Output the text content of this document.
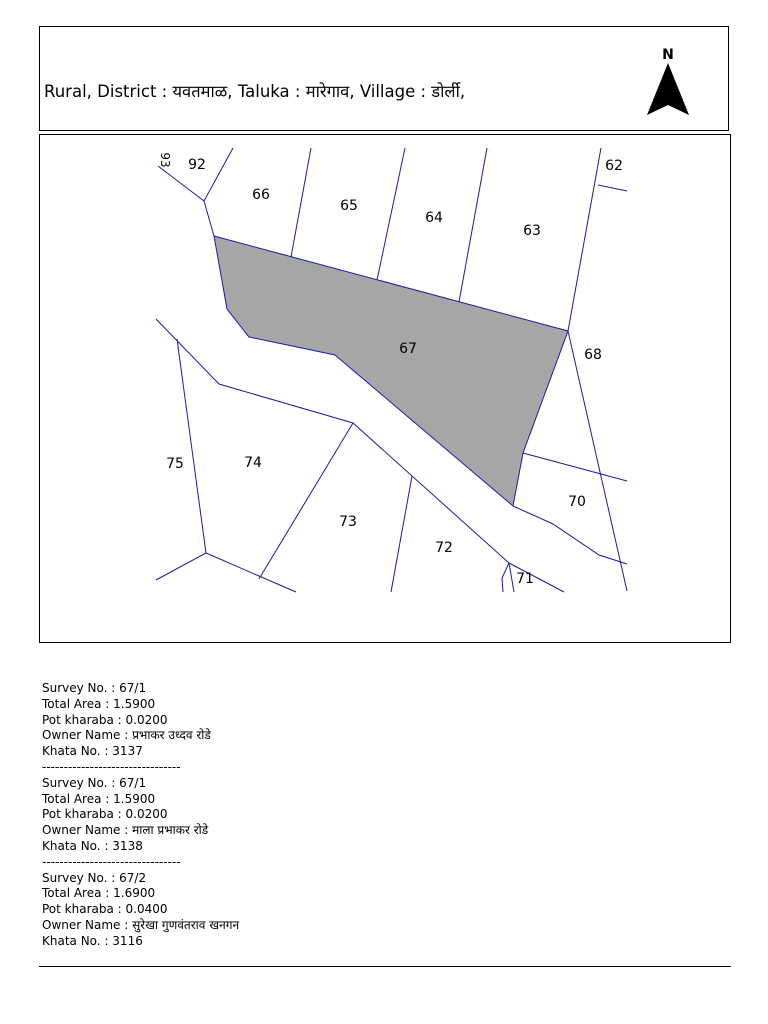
Rural, District : यवतमाळ, Taluka : मारेगाव, Village : डोर्ली,
N
92
66
65
64
63
62
67	68
75	74
73
72
70
71
93
Survey No. : 67/1
Total Area : 1.5900
Pot kharaba : 0.0200
Owner Name : प्रभाकर उध्दव रोडे
Khata No. : 3137
--------------------------------
Survey No. : 67/1
Total Area : 1.5900
Pot kharaba : 0.0200
Owner Name : माला प्रभाकर रोडे
Khata No. : 3138
--------------------------------
Survey No. : 67/2
Total Area : 1.6900
Pot kharaba : 0.0400
Owner Name : सुरेखा गुणवंतराव खनगन
Khata No. : 3116
